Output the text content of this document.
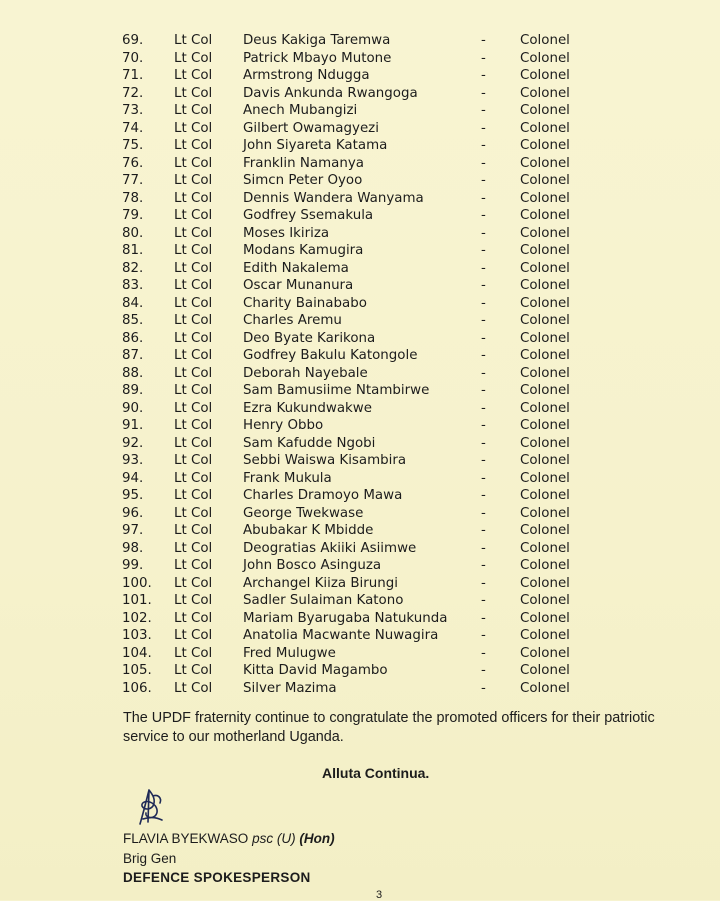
69.	Lt Col Deus Kakiga Taremwa	-	Colonel
70.	Lt Col Patrick Mbayo Mutone	-	Colonel
71.	Lt Col Armstrong Ndugga	-	Colonel
72.	Lt Col Davis Ankunda Rwangoga	-	Colonel
73.	Lt Col Anech Mubangizi	-	Colonel
74.	Lt Col Gilbert Owamagyezi	-	Colonel
75.	Lt Col John Siyareta Katama	-	Colonel
76.	Lt Col Franklin Namanya	-	Colonel
77.	Lt Col Simcn Peter Oyoo	-	Colonel
78.	Lt Col Dennis Wandera Wanyama	-	Colonel
79.	Lt Col Godfrey Ssemakula	-	Colonel
80.	Lt Col Moses Ikiriza	-	Colonel
81.	Lt Col Modans Kamugira	-	Colonel
82.	Lt Col Edith Nakalema	-	Colonel
83.	Lt Col Oscar Munanura	-	Colonel
84.	Lt Col Charity Bainababo	-	Colonel
85.	Lt Col Charles Aremu	-	Colonel
86.	Lt Col Deo Byate Karikona	-	Colonel
87.	Lt Col Godfrey Bakulu Katongole	-	Colonel
88.	Lt Col Deborah Nayebale	-	Colonel
89.	Lt Col Sam Bamusiime Ntambirwe	-	Colonel
90.	Lt Col Ezra Kukundwakwe	-	Colonel
91.	Lt Col Henry Obbo	-	Colonel
92.	Lt Col Sam Kafudde Ngobi	-	Colonel
93.	Lt Col Sebbi Waiswa Kisambira	-	Colonel
94.	Lt Col Frank Mukula	-	Colonel
95.	Lt Col Charles Dramoyo Mawa	-	Colonel
96.	Lt Col George Twekwase	-	Colonel
97.	Lt Col Abubakar K Mbidde	-	Colonel
98.	Lt Col Deogratias Akiiki Asiimwe	-	Colonel
99.	Lt Col John Bosco Asinguza	-	Colonel
100.	Lt Col Archangel Kiiza Birungi	-	Colonel
101.	Lt Col Sadler Sulaiman Katono	-	Colonel
102.	Lt Col Mariam Byarugaba Natukunda	-	Colonel
103.	Lt Col Anatolia Macwante Nuwagira	-	Colonel
104.	Lt Col Fred Mulugwe	-	Colonel
105.	Lt Col Kitta David Magambo	-	Colonel
106.	Lt Col Silver Mazima	-	Colonel

The UPDF fraternity continue to congratulate the promoted officers for their patriotic service to our motherland Uganda.

Alluta Continua.

FLAVIA BYEKWASO psc (U) (Hon)

Brig Gen

DEFENCE SPOKESPERSON

3
